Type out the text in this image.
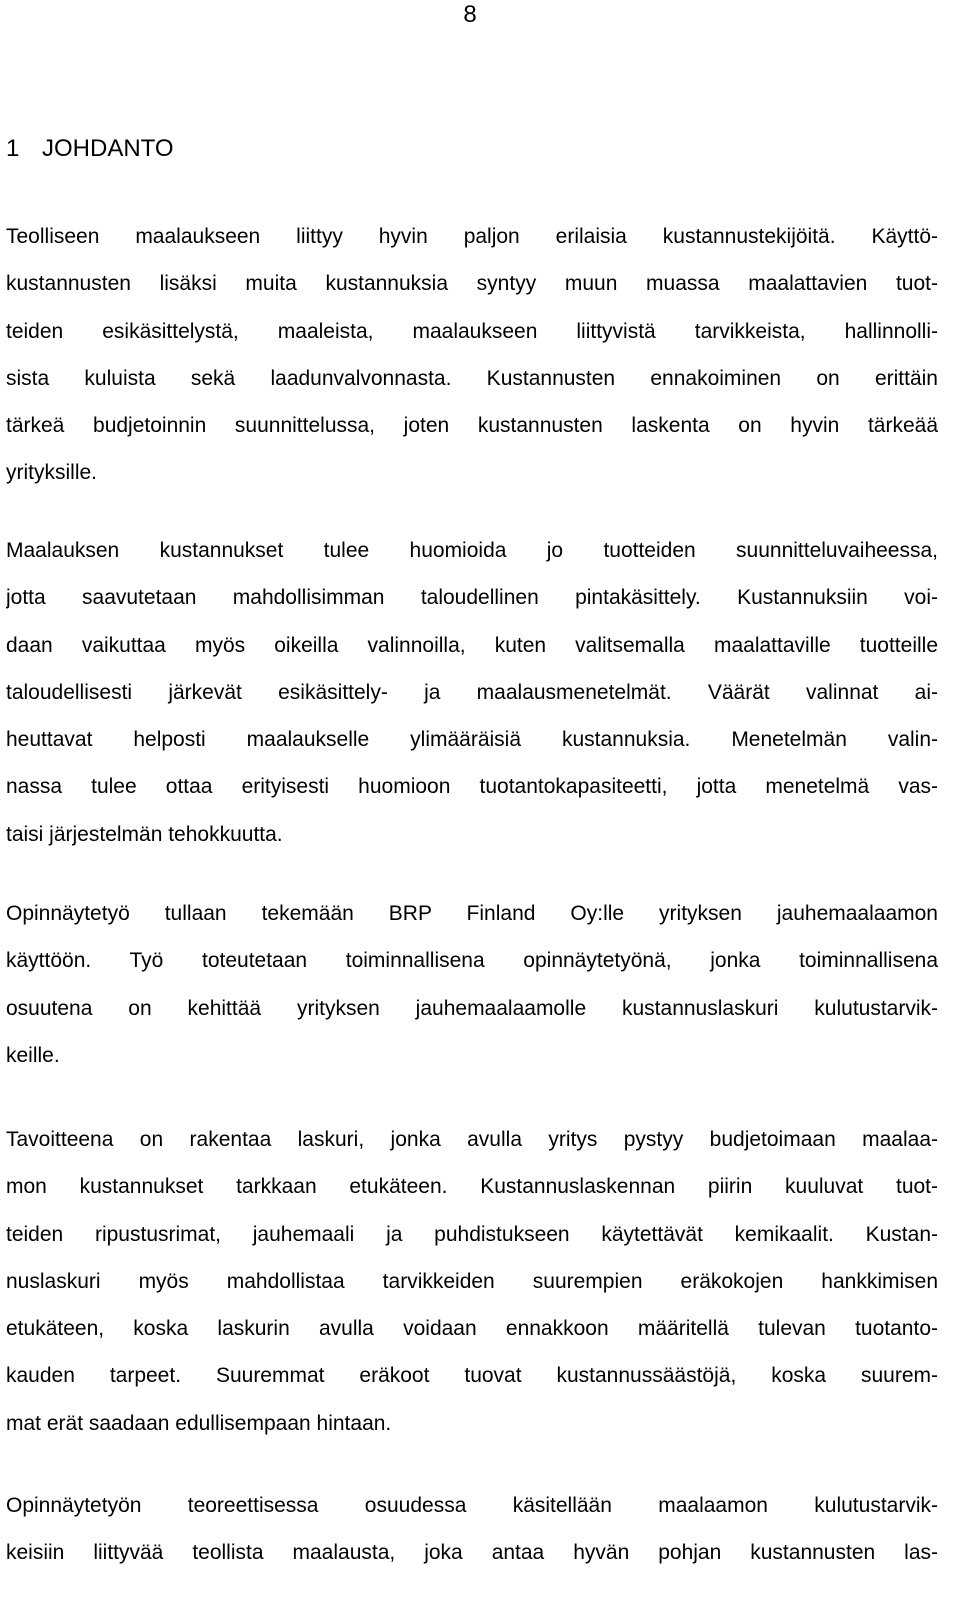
8
1 JOHDANTO
Teolliseen maalaukseen liittyy hyvin paljon erilaisia kustannustekijöitä. Käyttö-
kustannusten lisäksi muita kustannuksia syntyy muun muassa maalattavien tuot-
teiden esikäsittelystä, maaleista, maalaukseen liittyvistä tarvikkeista, hallinnolli-
sista kuluista sekä laadunvalvonnasta. Kustannusten ennakoiminen on erittäin
tärkeä budjetoinnin suunnittelussa, joten kustannusten laskenta on hyvin tärkeää
yrityksille.
Maalauksen kustannukset tulee huomioida jo tuotteiden suunnitteluvaiheessa,
jotta saavutetaan mahdollisimman taloudellinen pintakäsittely. Kustannuksiin voi-
daan vaikuttaa myös oikeilla valinnoilla, kuten valitsemalla maalattaville tuotteille
taloudellisesti järkevät esikäsittely- ja maalausmenetelmät. Väärät valinnat ai-
heuttavat helposti maalaukselle ylimääräisiä kustannuksia. Menetelmän valin-
nassa tulee ottaa erityisesti huomioon tuotantokapasiteetti, jotta menetelmä vas-
taisi järjestelmän tehokkuutta.
Opinnäytetyö tullaan tekemään BRP Finland Oy:lle yrityksen jauhemaalaamon
käyttöön. Työ toteutetaan toiminnallisena opinnäytetyönä, jonka toiminnallisena
osuutena on kehittää yrityksen jauhemaalaamolle kustannuslaskuri kulutustarvik-
keille.
Tavoitteena on rakentaa laskuri, jonka avulla yritys pystyy budjetoimaan maalaa-
mon kustannukset tarkkaan etukäteen. Kustannuslaskennan piirin kuuluvat tuot-
teiden ripustusrimat, jauhemaali ja puhdistukseen käytettävät kemikaalit. Kustan-
nuslaskuri myös mahdollistaa tarvikkeiden suurempien eräkokojen hankkimisen
etukäteen, koska laskurin avulla voidaan ennakkoon määritellä tulevan tuotanto-
kauden tarpeet. Suuremmat eräkoot tuovat kustannussäästöjä, koska suurem-
mat erät saadaan edullisempaan hintaan.
Opinnäytetyön teoreettisessa osuudessa käsitellään maalaamon kulutustarvik-
keisiin liittyvää teollista maalausta, joka antaa hyvän pohjan kustannusten las-
